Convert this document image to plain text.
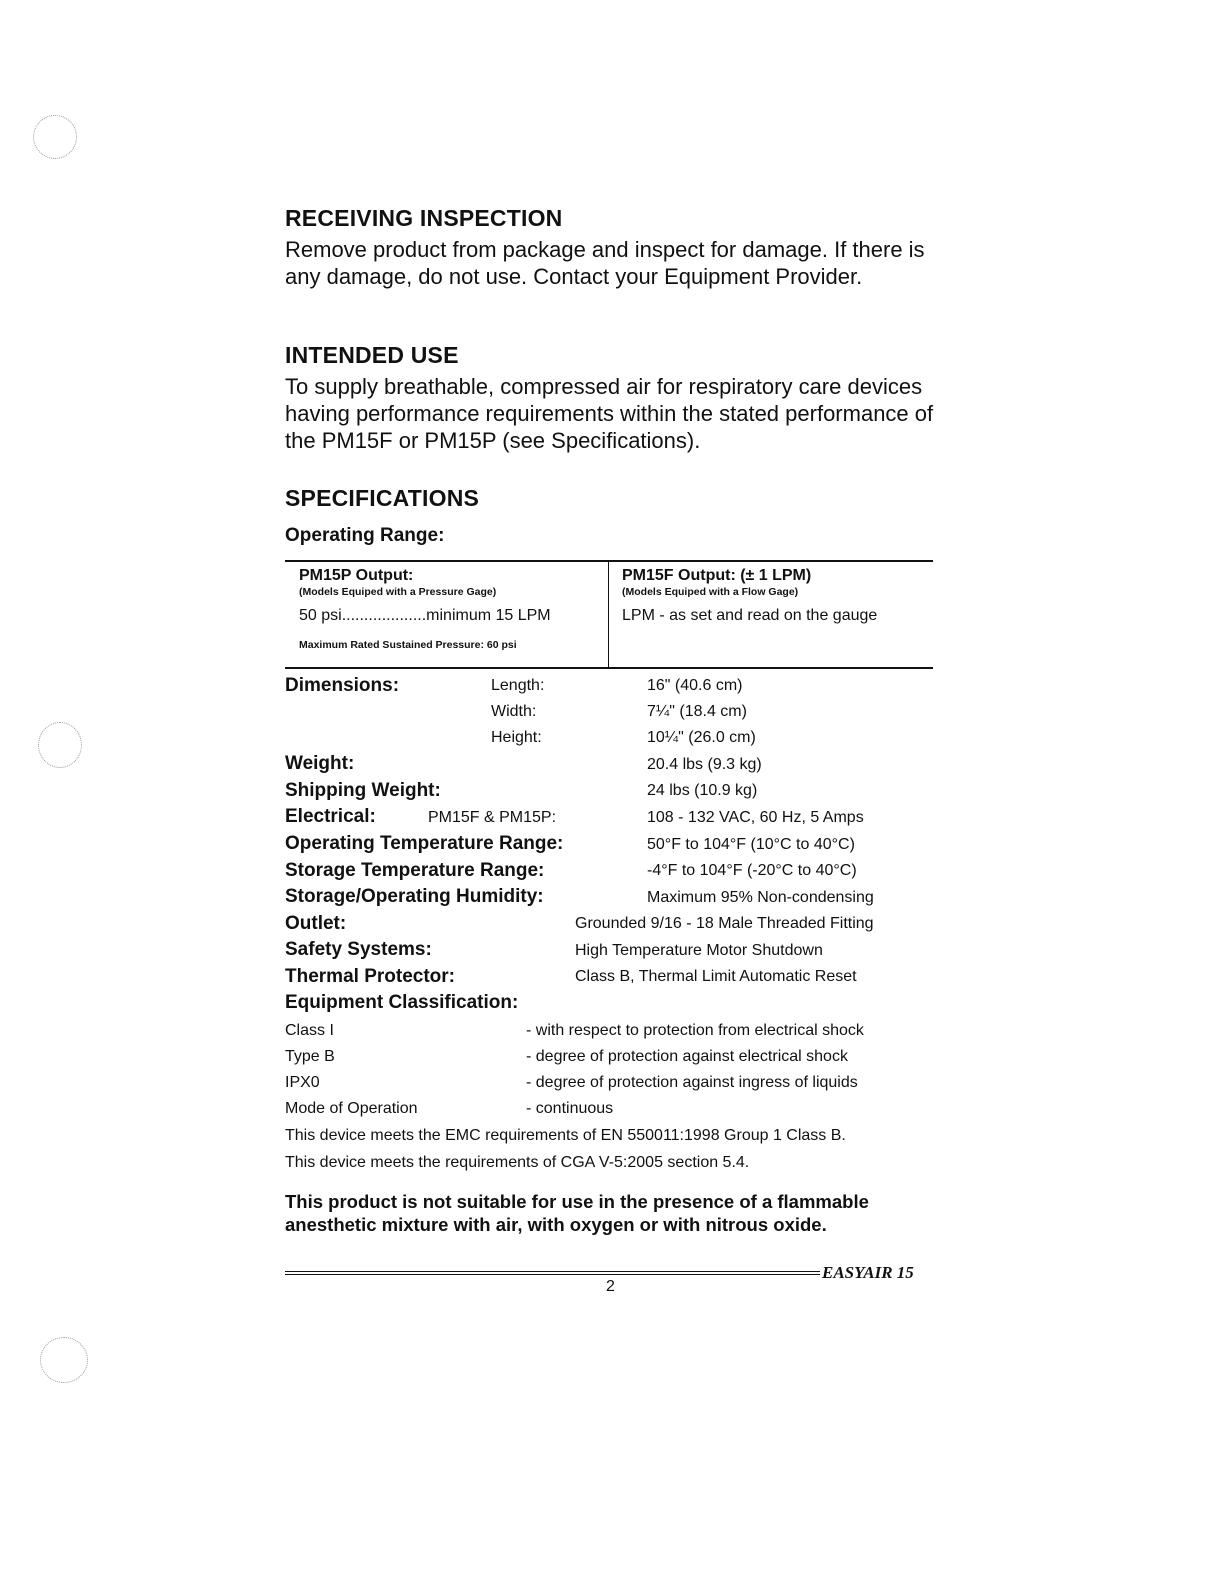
RECEIVING INSPECTION

Remove product from package and inspect for damage. If there is any damage, do not use. Contact your Equipment Provider.

INTENDED USE

To supply breathable, compressed air for respiratory care devices having performance requirements within the stated performance of the PM15F or PM15P (see Specifications).

SPECIFICATIONS

Operating Range:

PM15P Output:
(Models Equiped with a Pressure Gage)
50 psi...................minimum 15 LPM
Maximum Rated Sustained Pressure: 60 psi
PM15F Output: (± 1 LPM)
(Models Equiped with a Flow Gage)
LPM - as set and read on the gauge
Dimensions:	Length:	16" (40.6 cm)
Width:	7¼" (18.4 cm)
Height:	10¼" (26.0 cm)
Weight:	20.4 lbs (9.3 kg)
Shipping Weight:	24 lbs (10.9 kg)
Electrical:	PM15F & PM15P:	108 - 132 VAC, 60 Hz, 5 Amps
Operating Temperature Range:	50°F to 104°F (10°C to 40°C)
Storage Temperature Range:	-4°F to 104°F (-20°C to 40°C)
Storage/Operating Humidity:	Maximum 95% Non-condensing
Outlet:	Grounded 9/16 - 18 Male Threaded Fitting
Safety Systems:	High Temperature Motor Shutdown
Thermal Protector:	Class B, Thermal Limit Automatic Reset
Equipment Classification:
Class I	- with respect to protection from electrical shock
Type B	- degree of protection against electrical shock
IPX0	- degree of protection against ingress of liquids
Mode of Operation	- continuous
This device meets the EMC requirements of EN 550011:1998 Group 1 Class B.
This device meets the requirements of CGA V-5:2005 section 5.4.
This product is not suitable for use in the presence of a flammable anesthetic mixture with air, with oxygen or with nitrous oxide.
EASYAIR 15
2
